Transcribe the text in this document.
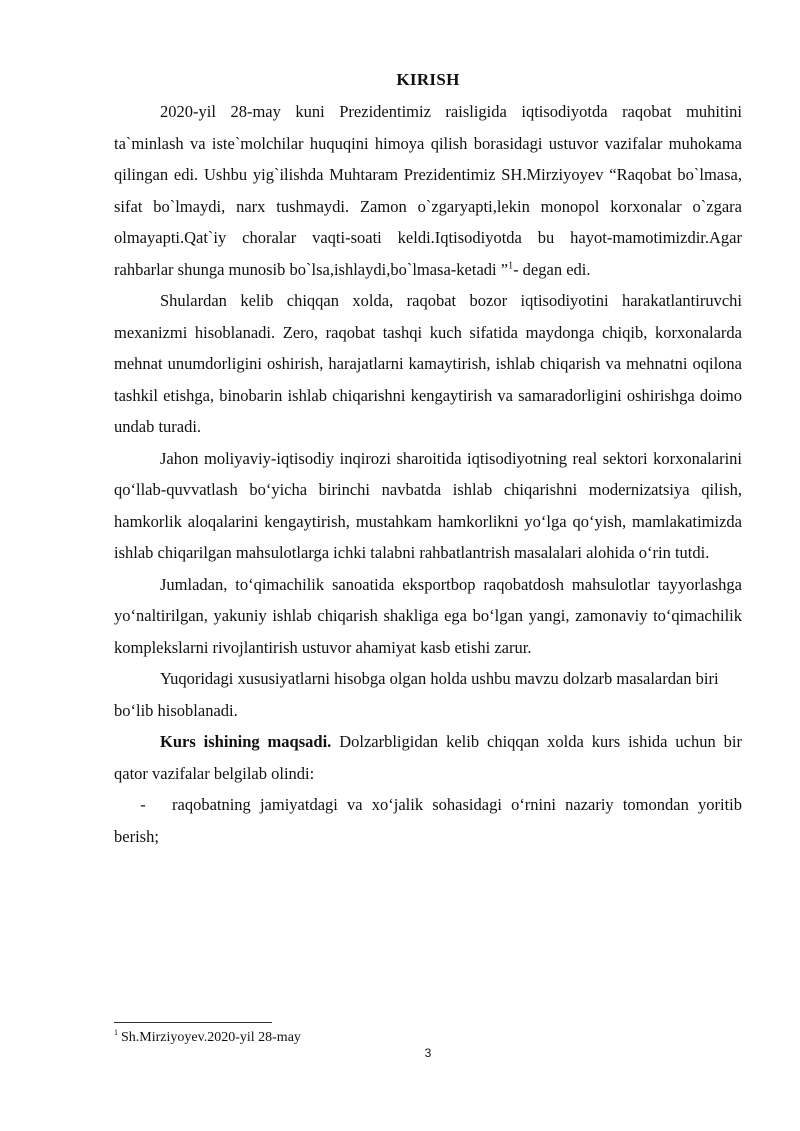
KIRISH

2020-yil 28-may kuni Prezidentimiz raisligida iqtisodiyotda raqobat muhitini ta`minlash va iste`molchilar huquqini himoya qilish borasidagi ustuvor vazifalar muhokama qilingan edi. Ushbu yig`ilishda Muhtaram Prezidentimiz SH.Mirziyoyev “Raqobat bo`lmasa, sifat bo`lmaydi, narx tushmaydi. Zamon o`zgaryapti,lekin monopol korxonalar o`zgara olmayapti.Qat`iy choralar vaqti-soati keldi.Iqtisodiyotda bu hayot-mamotimizdir.Agar rahbarlar shunga munosib bo`lsa,ishlaydi,bo`lmasa-ketadi ”$^1$- degan edi.

Shulardan kelib chiqqan xolda, raqobat bozor iqtisodiyotini harakatlantiruvchi mexanizmi hisoblanadi. Zero, raqobat tashqi kuch sifatida maydonga chiqib, korxonalarda mehnat unumdorligini oshirish, harajatlarni kamaytirish, ishlab chiqarish va mehnatni oqilona tashkil etishga, binobarin ishlab chiqarishni kengaytirish va samaradorligini oshirishga doimo undab turadi.

Jahon moliyaviy-iqtisodiy inqirozi sharoitida iqtisodiyotning real sektori korxonalarini qo‘llab-quvvatlash bo‘yicha birinchi navbatda ishlab chiqarishni modernizatsiya qilish, hamkorlik aloqalarini kengaytirish, mustahkam hamkorlikni yo‘lga qo‘yish, mamlakatimizda ishlab chiqarilgan mahsulotlarga ichki talabni rahbatlantrish masalalari alohida o‘rin tutdi.

Jumladan, to‘qimachilik sanoatida eksportbop raqobatdosh mahsulotlar tayyorlashga yo‘naltirilgan, yakuniy ishlab chiqarish shakliga ega bo‘lgan yangi, zamonaviy to‘qimachilik komplekslarni rivojlantirish ustuvor ahamiyat kasb etishi zarur.

Yuqoridagi xususiyatlarni hisobga olgan holda ushbu mavzu dolzarb masalardan biri bo‘lib hisoblanadi.

Kurs ishining maqsadi. Dolzarbligidan kelib chiqqan xolda kurs ishida uchun bir qator vazifalar belgilab olindi:

- raqobatning jamiyatdagi va xo‘jalik sohasidagi o‘rnini nazariy tomondan yoritib berish;

$^1$ Sh.Mirziyoyev.2020-yil 28-may
3
